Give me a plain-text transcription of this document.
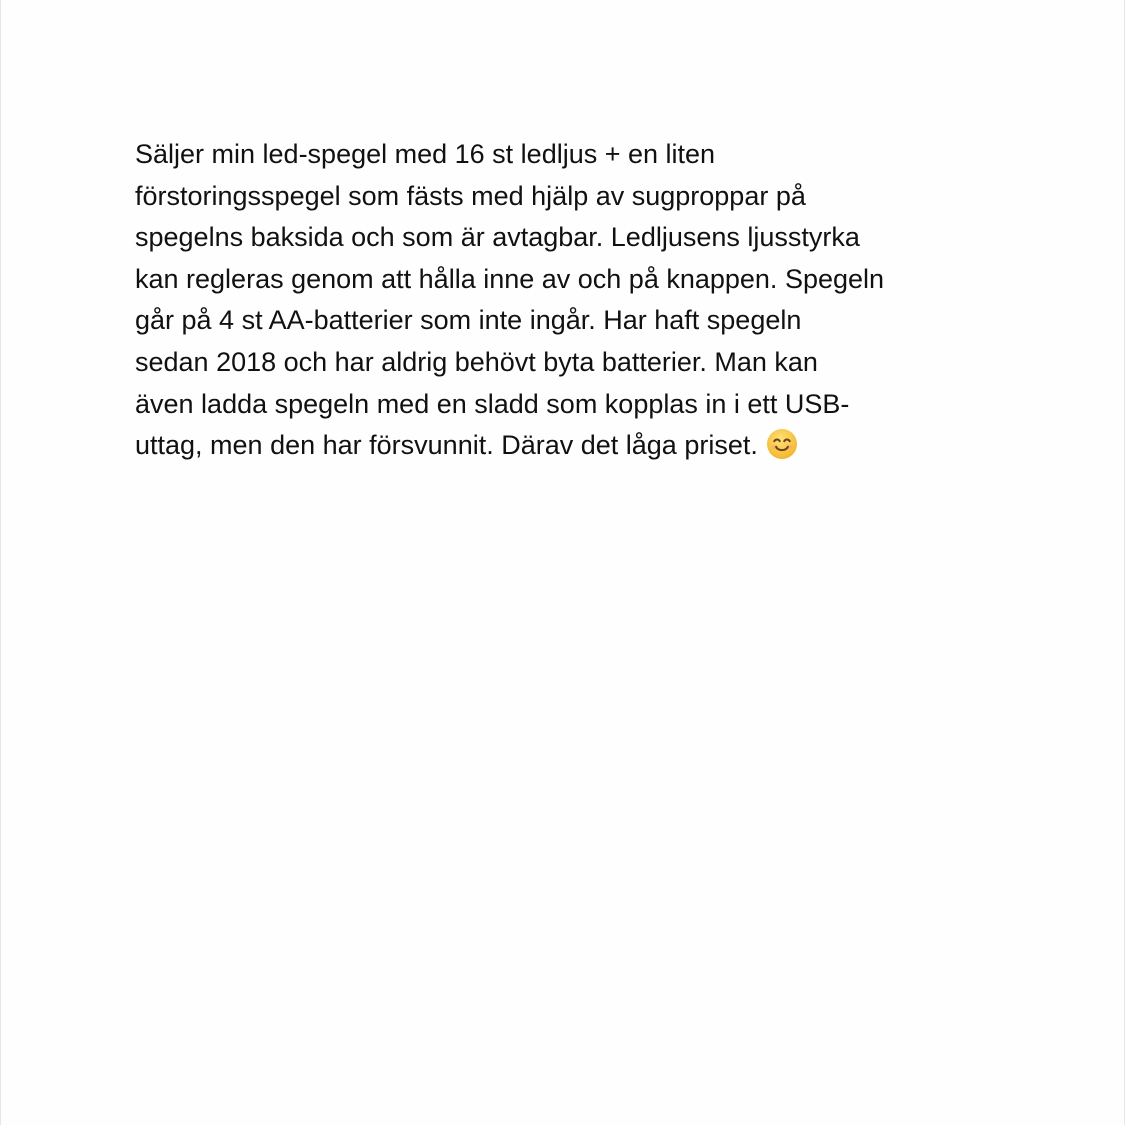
Säljer min led-spegel med 16 st ledljus + en liten
förstoringsspegel som fästs med hjälp av sugproppar på
spegelns baksida och som är avtagbar. Ledljusens ljusstyrka
kan regleras genom att hålla inne av och på knappen. Spegeln
går på 4 st AA-batterier som inte ingår. Har haft spegeln
sedan 2018 och har aldrig behövt byta batterier. Man kan
även ladda spegeln med en sladd som kopplas in i ett USB-
uttag, men den har försvunnit. Därav det låga priset.
